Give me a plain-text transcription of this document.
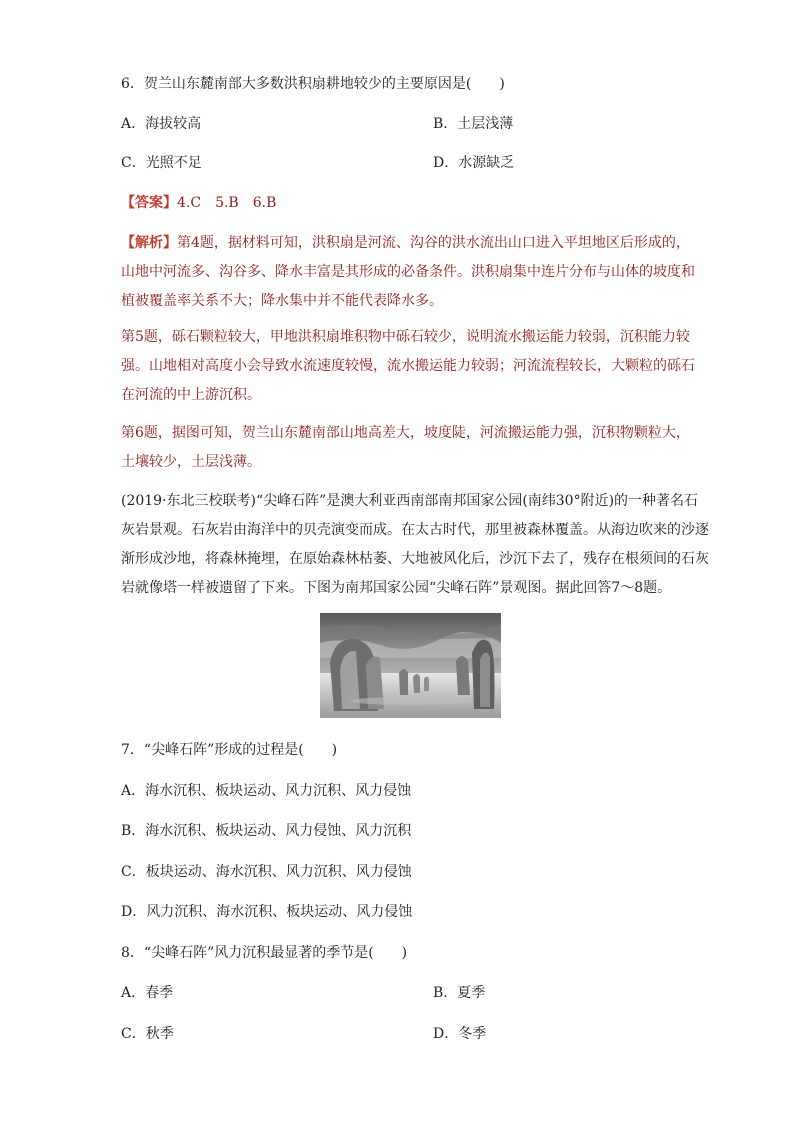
6．贺兰山东麓南部大多数洪积扇耕地较少的主要原因是(　　)
A．海拔较高	B．土层浅薄
C．光照不足	D．水源缺乏
【答案】4.C　5.B　6.B
【解析】第4题，据材料可知，洪积扇是河流、沟谷的洪水流出山口进入平坦地区后形成的，山地中河流多、沟谷多、降水丰富是其形成的必备条件。洪积扇集中连片分布与山体的坡度和植被覆盖率关系不大；降水集中并不能代表降水多。
第5题，砾石颗粒较大，甲地洪积扇堆积物中砾石较少，说明流水搬运能力较弱，沉积能力较强。山地相对高度小会导致水流速度较慢，流水搬运能力较弱；河流流程较长，大颗粒的砾石在河流的中上游沉积。
第6题，据图可知，贺兰山东麓南部山地高差大，坡度陡，河流搬运能力强，沉积物颗粒大，土壤较少，土层浅薄。
(2019·东北三校联考)“尖峰石阵”是澳大利亚西南部南邦国家公园(南纬30°附近)的一种著名石灰岩景观。石灰岩由海洋中的贝壳演变而成。在太古时代，那里被森林覆盖。从海边吹来的沙逐渐形成沙地，将森林掩埋，在原始森林枯萎、大地被风化后，沙沉下去了，残存在根须间的石灰岩就像塔一样被遗留了下来。下图为南邦国家公园“尖峰石阵”景观图。据此回答7～8题。
7．“尖峰石阵”形成的过程是(　　)
A．海水沉积、板块运动、风力沉积、风力侵蚀
B．海水沉积、板块运动、风力侵蚀、风力沉积
C．板块运动、海水沉积、风力沉积、风力侵蚀
D．风力沉积、海水沉积、板块运动、风力侵蚀
8．“尖峰石阵”风力沉积最显著的季节是(　　)
A．春季	B．夏季
C．秋季	D．冬季
